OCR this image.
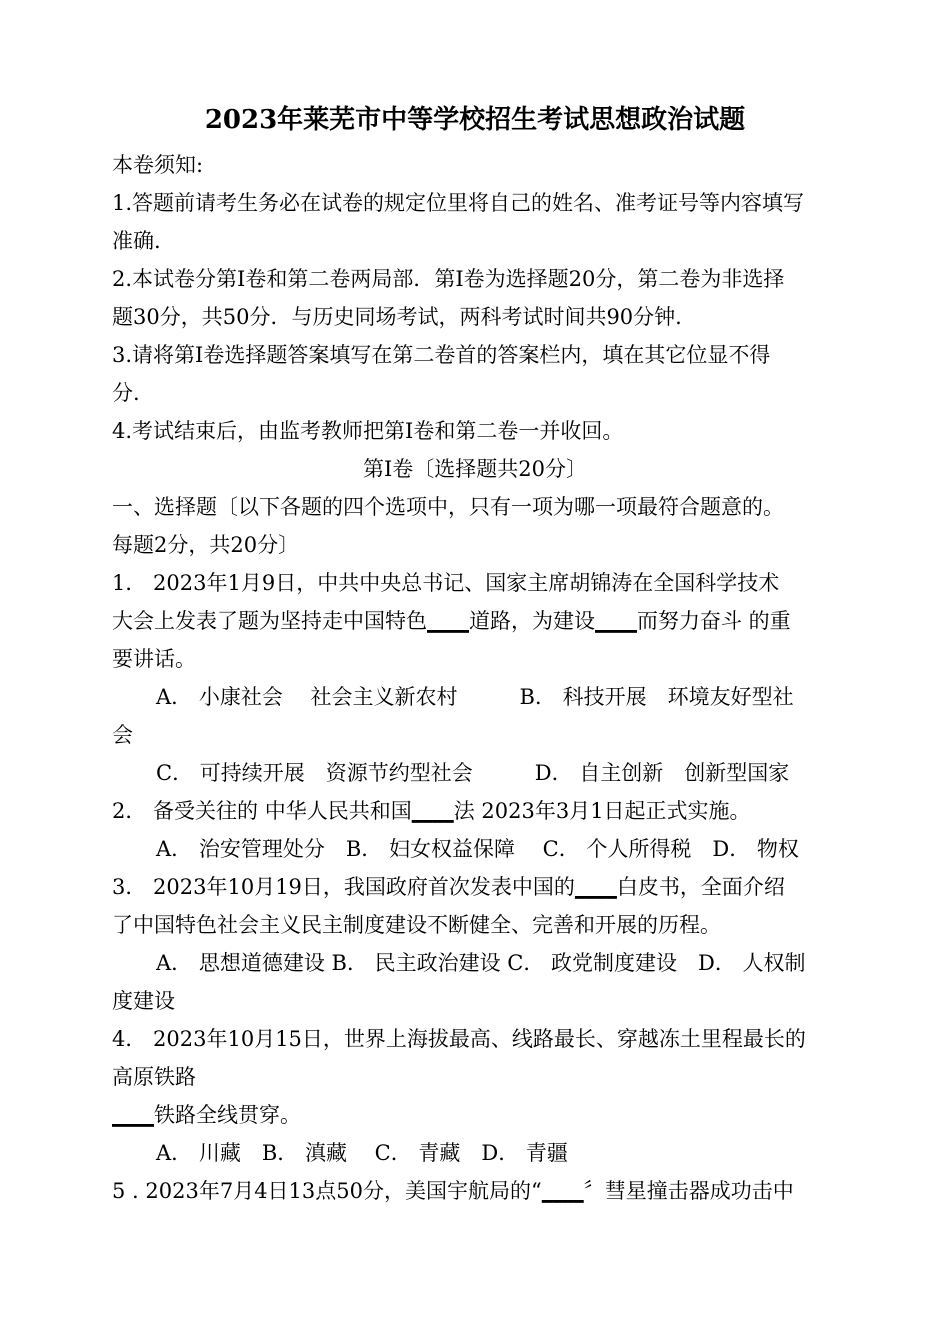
2023年莱芜市中等学校招生考试思想政治试题
本卷须知:
1.答题前请考生务必在试卷的规定位里将自己的姓名、准考证号等内容填写
准确.
2.本试卷分第I卷和第二卷两局部．第I卷为选择题20分，第二卷为非选择
题30分，共50分．与历史同场考试，两科考试时间共90分钟.
3.请将第I卷选择题答案填写在第二卷首的答案栏内，填在其它位显不得
分.
4.考试结束后，由监考教师把第I卷和第二卷一并收回。
第I卷〔选择题共20分〕
一、选择题〔以下各题的四个选项中，只有一项为哪一项最符合题意的。
每题2分，共20分〕
1． 2023年1月9日，中共中央总书记、国家主席胡锦涛在全国科学技术
大会上发表了题为坚持走中国特色____道路，为建设____而努力奋斗 的重
要讲话。
A． 小康社会　 社会主义新农村	B． 科技开展　环境友好型社
会
C． 可持续开展　资源节约型社会	D． 自主创新　创新型国家
2． 备受关往的 中华人民共和国____法 2023年3月1日起正式实施。
A． 治安管理处分　B． 妇女权益保障　 C． 个人所得税　D． 物权
3． 2023年10月19日，我国政府首次发表中国的____白皮书，全面介绍
了中国特色社会主义民主制度建设不断健全、完善和开展的历程。
A． 思想道德建设 B． 民主政治建设 C． 政党制度建设　D． 人权制
度建设
4． 2023年10月15日，世界上海拔最高、线路最长、穿越冻土里程最长的
高原铁路
____铁路全线贯穿。
A． 川藏　B． 滇藏　 C． 青藏　D． 青疆
5 . 2023年7月4日13点50分，美国宇航局的“____〞彗星撞击器成功击中
